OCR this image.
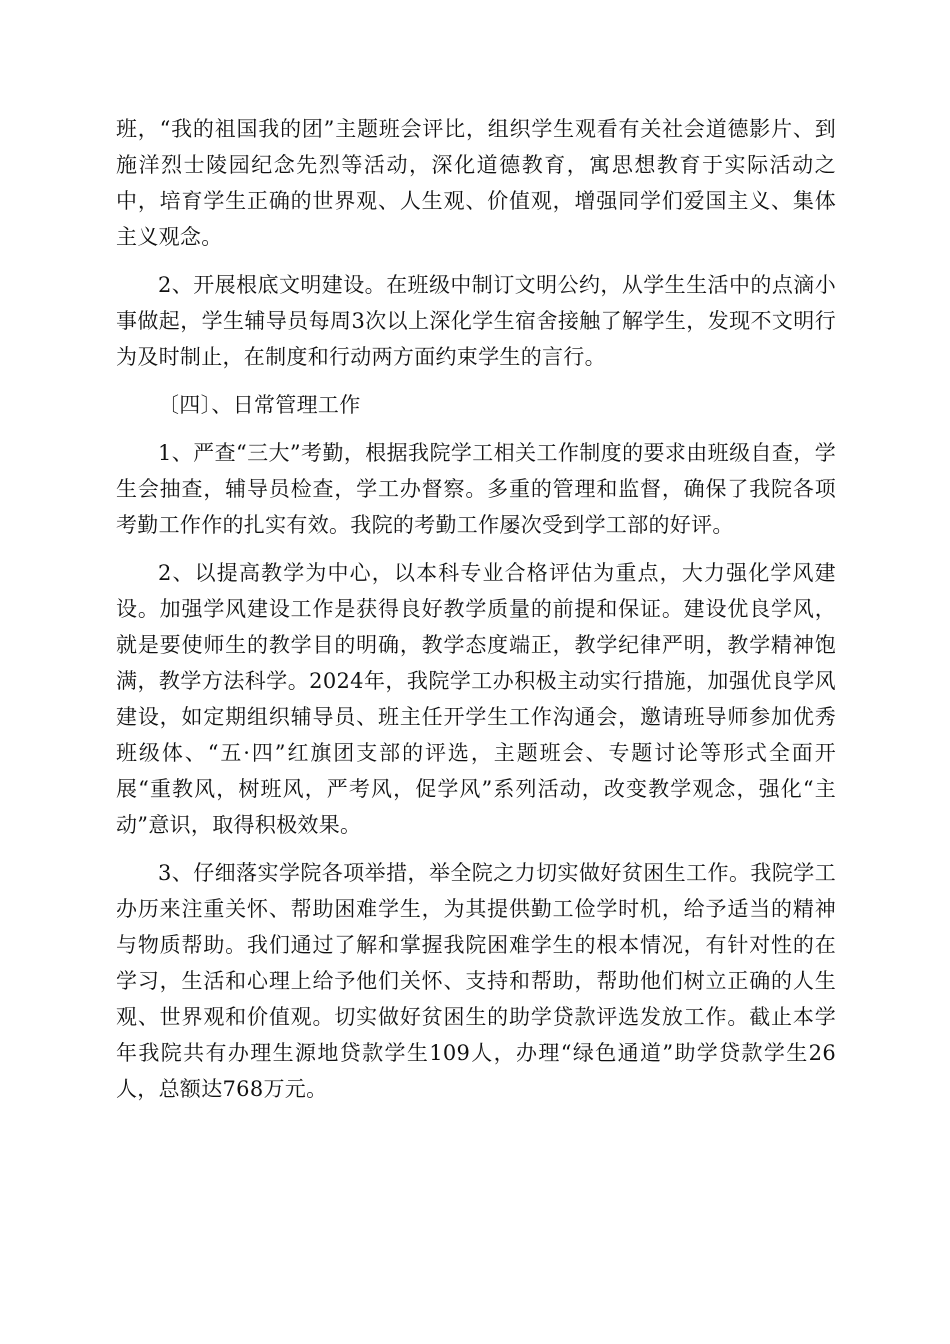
班，“我的祖国我的团”主题班会评比，组织学生观看有关社会道德影片、到施洋烈士陵园纪念先烈等活动，深化道德教育，寓思想教育于实际活动之中，培育学生正确的世界观、人生观、价值观，增强同学们爱国主义、集体主义观念。

2、开展根底文明建设。在班级中制订文明公约，从学生生活中的点滴小事做起，学生辅导员每周3次以上深化学生宿舍接触了解学生，发现不文明行为及时制止，在制度和行动两方面约束学生的言行。

〔四〕、日常管理工作

1、严查“三大”考勤，根据我院学工相关工作制度的要求由班级自查，学生会抽查，辅导员检查，学工办督察。多重的管理和监督，确保了我院各项考勤工作作的扎实有效。我院的考勤工作屡次受到学工部的好评。

2、以提高教学为中心，以本科专业合格评估为重点，大力强化学风建设。加强学风建设工作是获得良好教学质量的前提和保证。建设优良学风，就是要使师生的教学目的明确，教学态度端正，教学纪律严明，教学精神饱满，教学方法科学。2024年，我院学工办积极主动实行措施，加强优良学风建设，如定期组织辅导员、班主任开学生工作沟通会，邀请班导师参加优秀班级体、“五·四”红旗团支部的评选，主题班会、专题讨论等形式全面开展“重教风，树班风，严考风，促学风”系列活动，改变教学观念，强化“主动”意识，取得积极效果。

3、仔细落实学院各项举措，举全院之力切实做好贫困生工作。我院学工办历来注重关怀、帮助困难学生，为其提供勤工俭学时机，给予适当的精神与物质帮助。我们通过了解和掌握我院困难学生的根本情况，有针对性的在学习，生活和心理上给予他们关怀、支持和帮助，帮助他们树立正确的人生观、世界观和价值观。切实做好贫困生的助学贷款评选发放工作。截止本学年我院共有办理生源地贷款学生109人，办理“绿色通道”助学贷款学生26人，总额达768万元。
